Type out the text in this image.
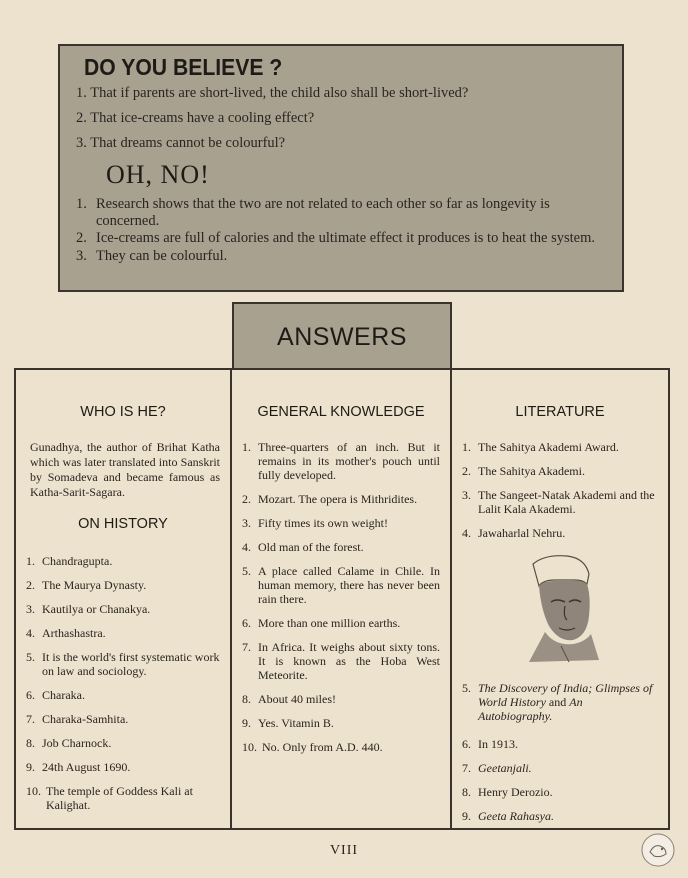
DO YOU BELIEVE ?
1. That if parents are short-lived, the child also shall be short-lived?
2. That ice-creams have a cooling effect?
3. That dreams cannot be colourful?
OH, NO!
1. Research shows that the two are not related to each other so far as longevity is concerned.
2. Ice-creams are full of calories and the ultimate effect it produces is to heat the system.
3. They can be colourful.
ANSWERS
WHO IS HE?

Gunadhya, the author of Brihat Katha which was later translated into Sanskrit by Somadeva and became famous as Katha-Sarit-Sagara.

ON HISTORY
1. Chandragupta.
2. The Maurya Dynasty.
3. Kautilya or Chanakya.
4. Arthashastra.
5. It is the world's first systematic work on law and sociology.
6. Charaka.
7. Charaka-Samhita.
8. Job Charnock.
9. 24th August 1690.
10. The temple of Goddess Kali at Kalighat.
GENERAL KNOWLEDGE
1. Three-quarters of an inch. But it remains in its mother's pouch until fully developed.
2. Mozart. The opera is Mithridites.
3. Fifty times its own weight!
4. Old man of the forest.
5. A place called Calame in Chile. In human memory, there has never been rain there.
6. More than one million earths.
7. In Africa. It weighs about sixty tons. It is known as the Hoba West Meteorite.
8. About 40 miles!
9. Yes. Vitamin B.
10. No. Only from A.D. 440.
LITERATURE
1. The Sahitya Akademi Award.
2. The Sahitya Akademi.
3. The Sangeet-Natak Akademi and the Lalit Kala Akademi.
4. Jawaharlal Nehru.
5. The Discovery of India; Glimpses of World History and An Autobiography.
6. In 1913.
7. Geetanjali.
8. Henry Derozio.
9. Geeta Rahasya.
VIII
